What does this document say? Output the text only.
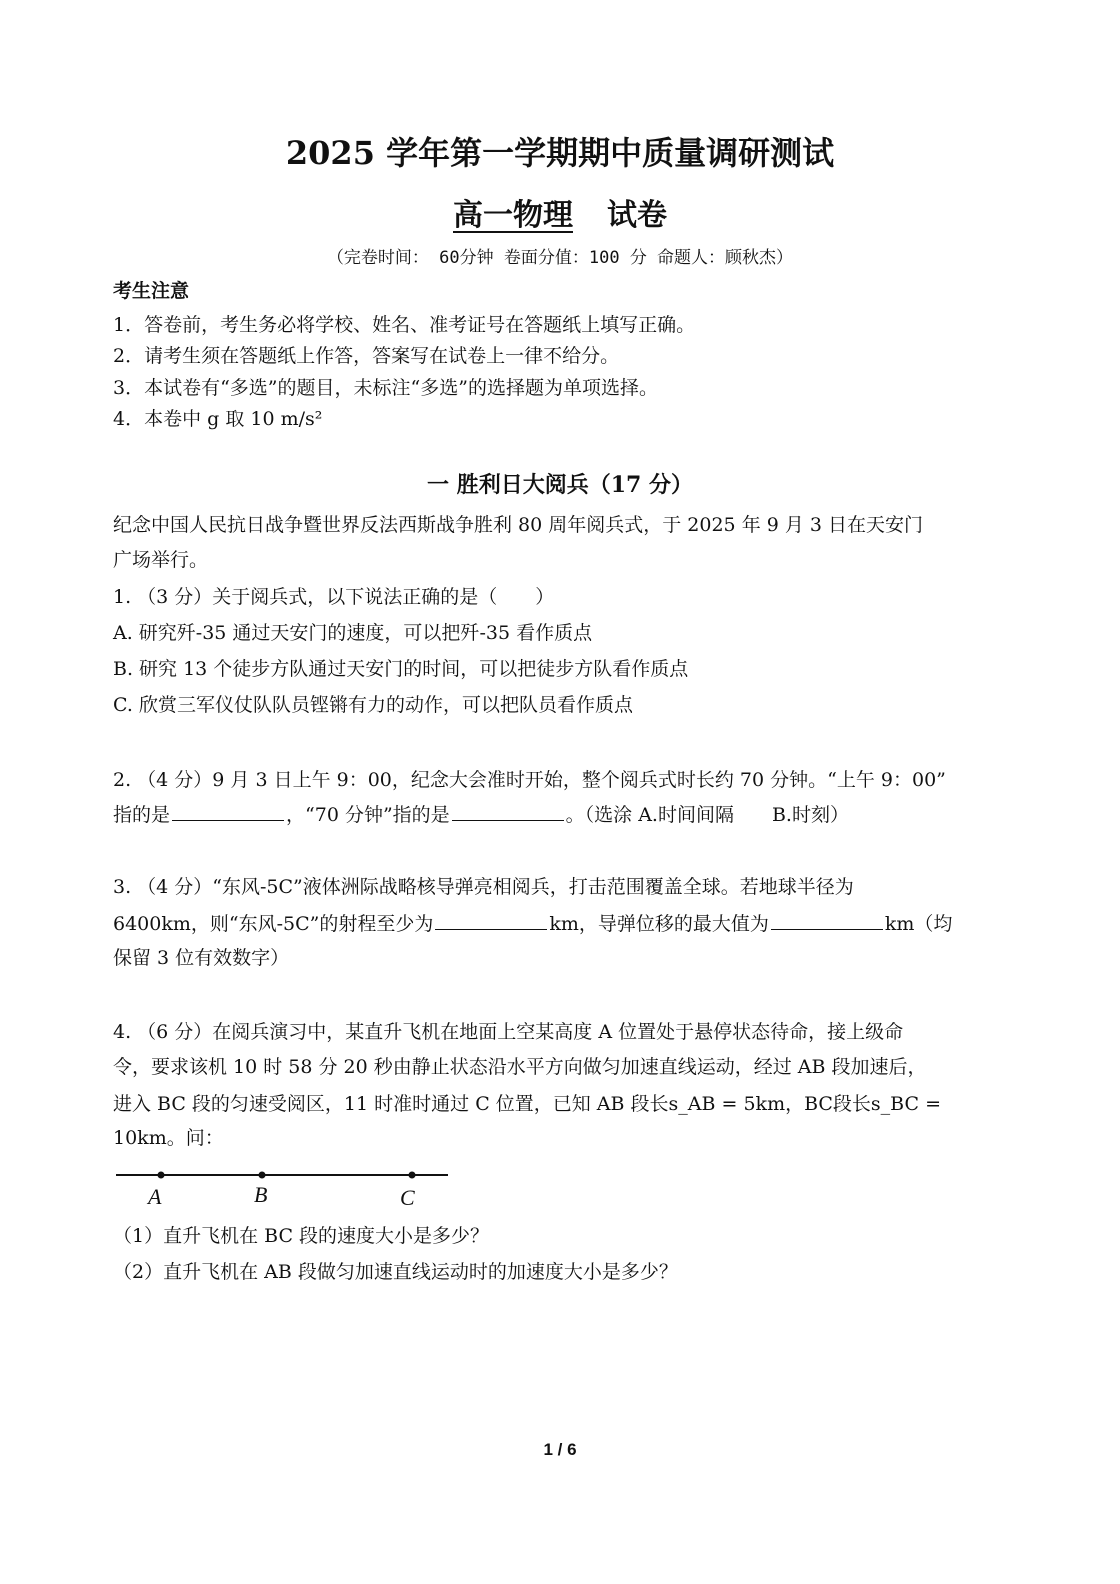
2025 学年第一学期期中质量调研测试
高一物理 试卷
（完卷时间： 60分钟 卷面分值：100 分 命题人：顾秋杰）
考生注意
1．答卷前，考生务必将学校、姓名、准考证号在答题纸上填写正确。
2．请考生须在答题纸上作答，答案写在试卷上一律不给分。
3．本试卷有“多选”的题目，未标注“多选”的选择题为单项选择。
4．本卷中 g 取 10 m/s²
一 胜利日大阅兵（17 分）
纪念中国人民抗日战争暨世界反法西斯战争胜利 80 周年阅兵式，于 2025 年 9 月 3 日在天安门
广场举行。
1. （3 分）关于阅兵式，以下说法正确的是（　　）
A. 研究歼-35 通过天安门的速度，可以把歼-35 看作质点
B. 研究 13 个徒步方队通过天安门的时间，可以把徒步方队看作质点
C. 欣赏三军仪仗队队员铿锵有力的动作，可以把队员看作质点
2. （4 分）9 月 3 日上午 9：00，纪念大会准时开始，整个阅兵式时长约 70 分钟。“上午 9：00”
指的是	，“70 分钟”指的是	。（选涂 A.时间间隔　　B.时刻）
3. （4 分）“东风-5C”液体洲际战略核导弹亮相阅兵，打击范围覆盖全球。若地球半径为
6400km，则“东风-5C”的射程至少为	km，导弹位移的最大值为	km（均
保留 3 位有效数字）
4. （6 分）在阅兵演习中，某直升飞机在地面上空某高度 A 位置处于悬停状态待命，接上级命
令，要求该机 10 时 58 分 20 秒由静止状态沿水平方向做匀加速直线运动，经过 AB 段加速后，
进入 BC 段的匀速受阅区，11 时准时通过 C 位置，已知 AB 段长s_AB = 5km，BC段长s_BC =
10km。问：
A	B	C
（1）直升飞机在 BC 段的速度大小是多少？
（2）直升飞机在 AB 段做匀加速直线运动时的加速度大小是多少？
1 / 6
